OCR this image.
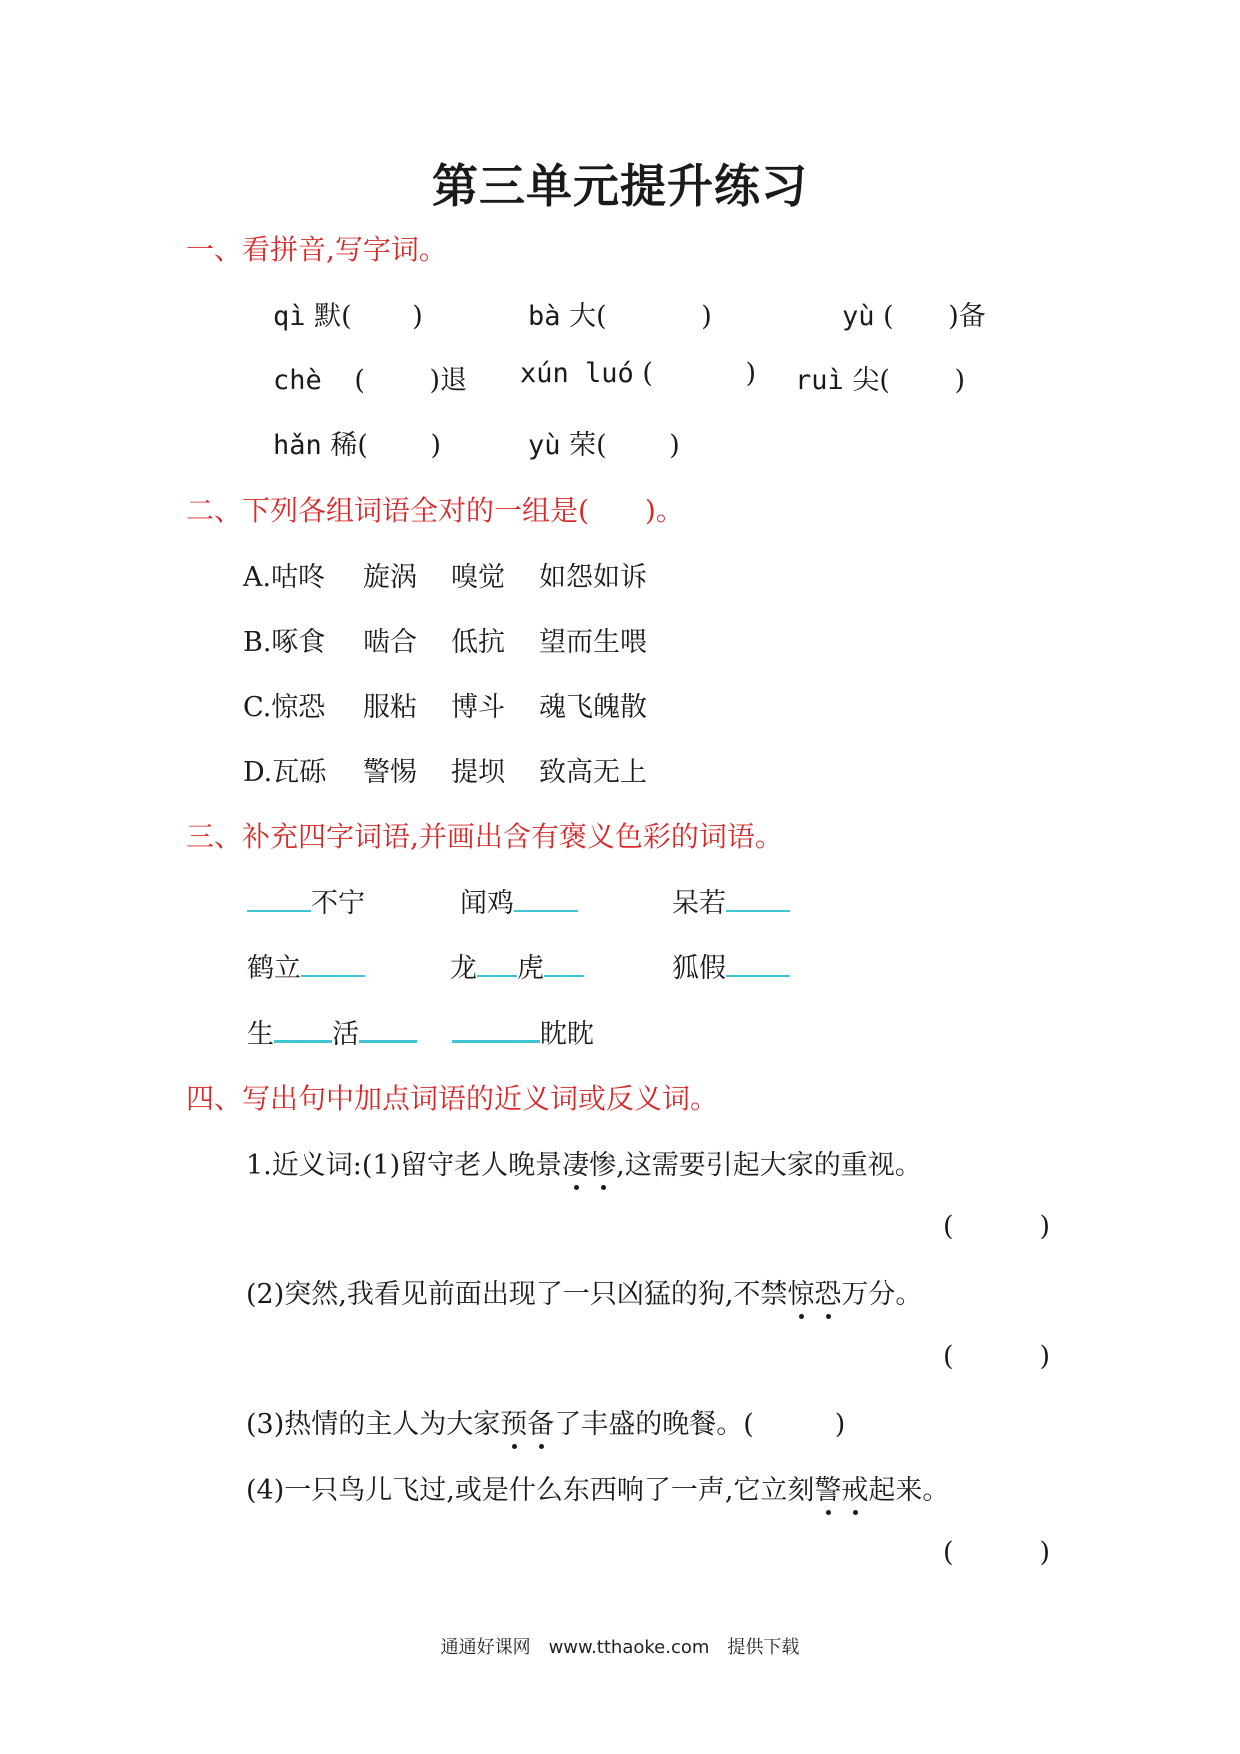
第三单元提升练习
一、看拼音,写字词。
qì 默( )	bà 大(	)	yù ( )备
chè ( )退 xún luó (	) ruì 尖( )
hǎn 稀( )	yù 荣( )
二、下列各组词语全对的一组是(　　)。
A.咕咚 旋涡 嗅觉 如怨如诉
B.啄食 啮合 低抗 望而生喂
C.惊恐 服粘 博斗 魂飞魄散
D.瓦砾 警惕 提坝 致高无上
三、补充四字词语,并画出含有褒义色彩的词语。
不宁	闻鸡	呆若
鹤立	龙 虎	狐假
生 活	眈眈
四、写出句中加点词语的近义词或反义词。
1.近义词:(1)留守老人晚景凄惨,这需要引起大家的重视。
(	)
(2)突然,我看见前面出现了一只凶猛的狗,不禁惊恐万分。
(	)
(3)热情的主人为大家预备了丰盛的晚餐。(　　　)
(4)一只鸟儿飞过,或是什么东西响了一声,它立刻警戒起来。
(	)
通通好课网　www.tthaoke.com　提供下载
